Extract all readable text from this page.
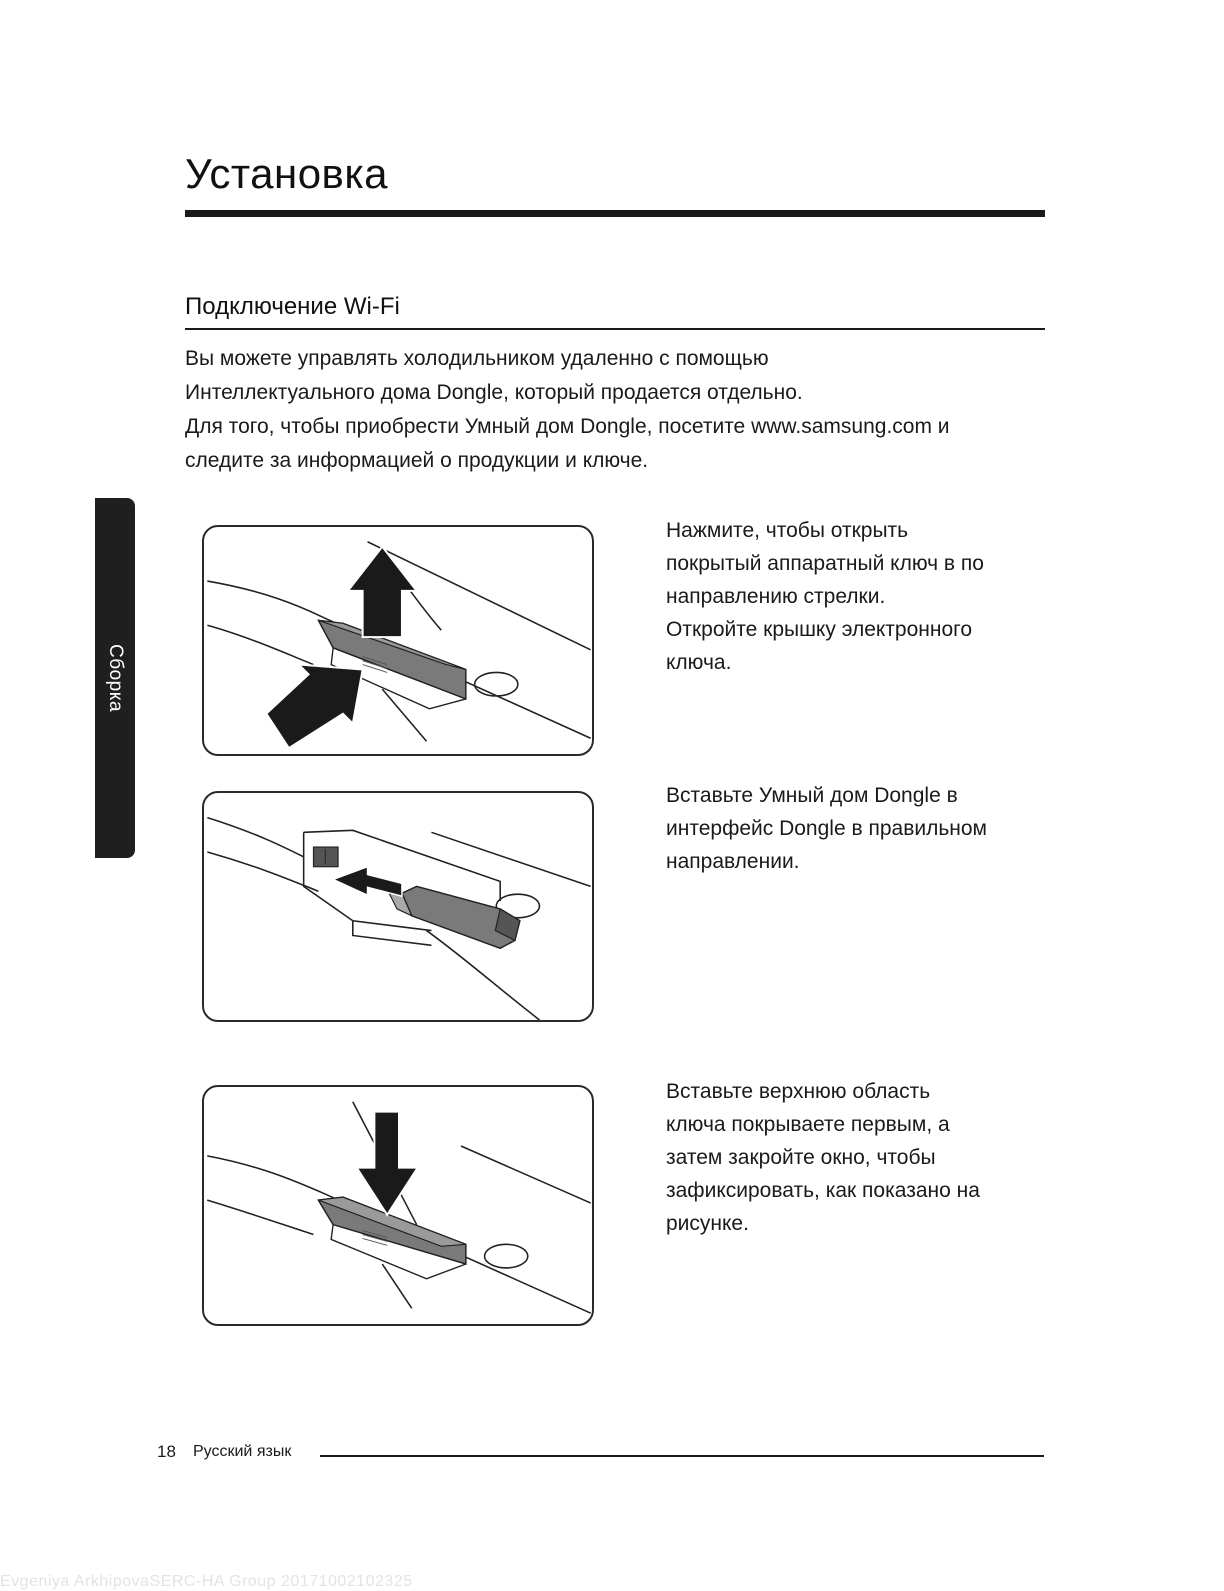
Установка
Подключение Wi-Fi

Вы можете управлять холодильником удаленно с помощью

Интеллектуального дома Dongle, который продается отдельно.

Для того, чтобы приобрести Умный дом Dongle, посетите www.samsung.com и

следите за информацией о продукции и ключе.

Сборка

Нажмите, чтобы открыть

покрытый аппаратный ключ в по

направлению стрелки.

Откройте крышку электронного

ключа.

Вставьте Умный дом Dongle в

интерфейс Dongle в правильном

направлении.

Вставьте верхнюю область

ключа покрываете первым, а

затем закройте окно, чтобы

зафиксировать, как показано на

рисунке.

18 Русский язык
Evgeniya ArkhipovaSERC-HA Group 20171002102325
